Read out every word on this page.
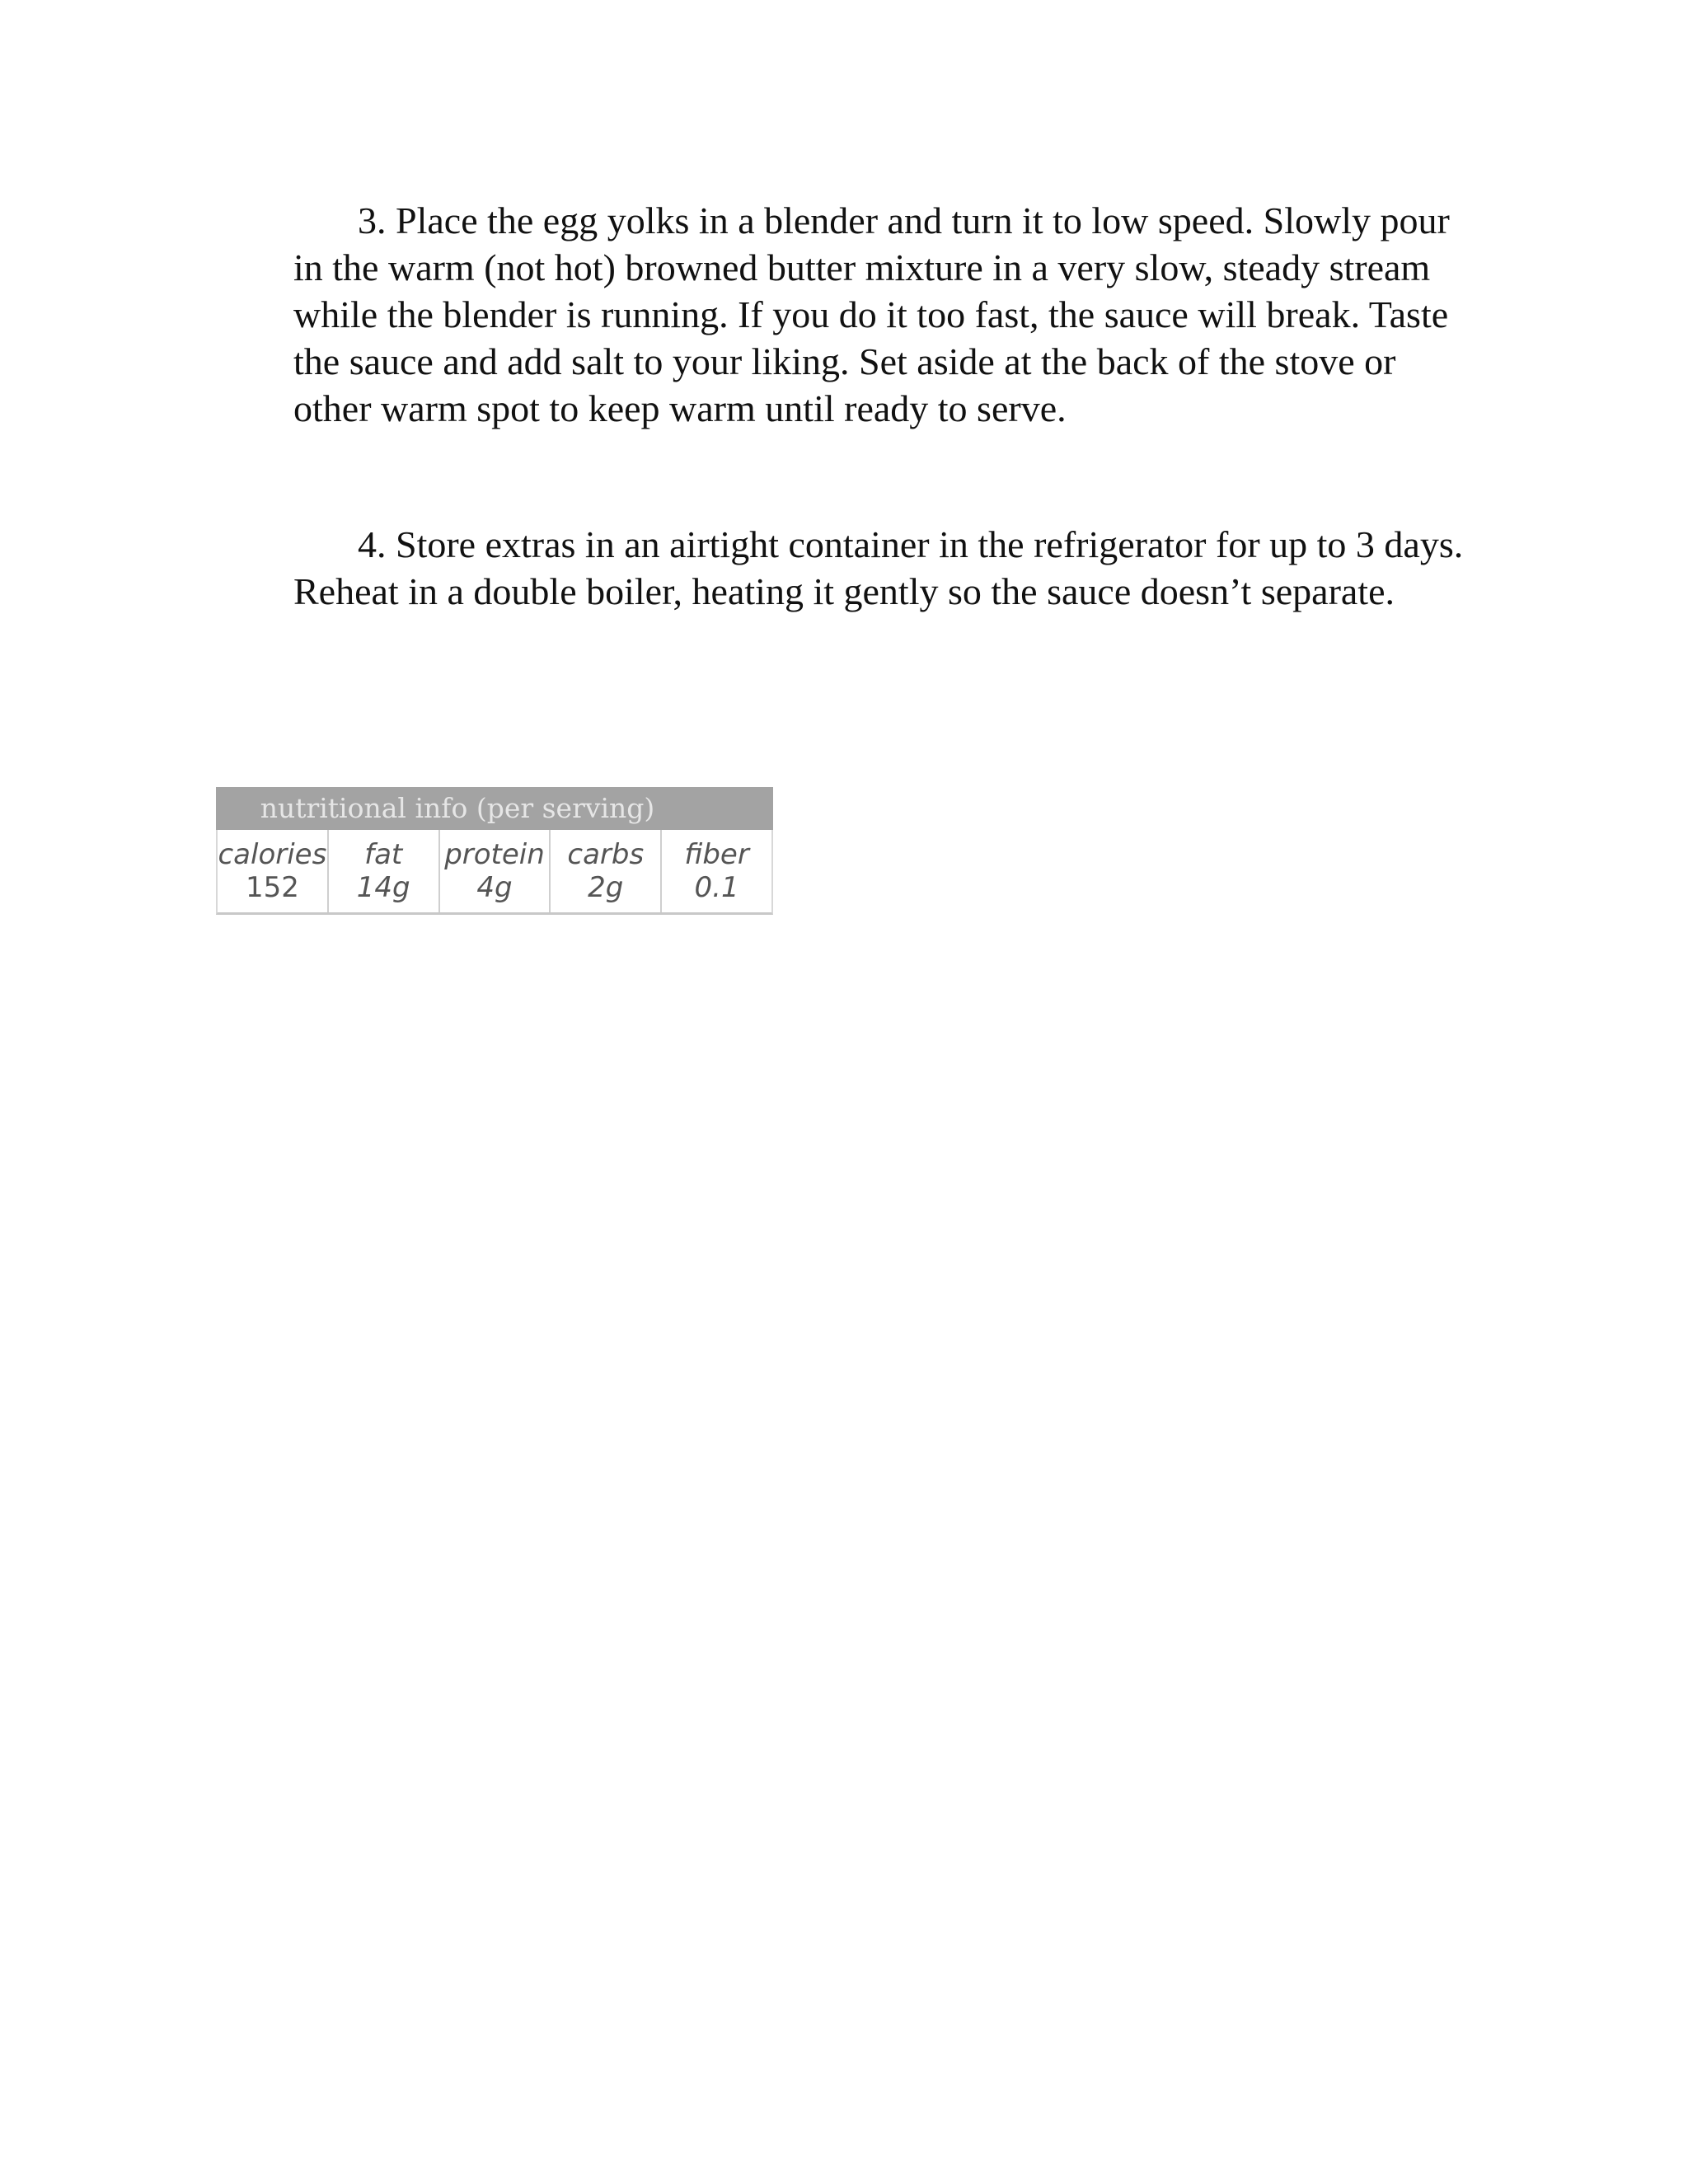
3. Place the egg yolks in a blender and turn it to low speed. Slowly pour in the warm (not hot) browned butter mixture in a very slow, steady stream while the blender is running. If you do it too fast, the sauce will break. Taste the sauce and add salt to your liking. Set aside at the back of the stove or other warm spot to keep warm until ready to serve.

4. Store extras in an airtight container in the refrigerator for up to 3 days. Reheat in a double boiler, heating it gently so the sauce doesn’t separate.

nutritional info (per serving)
calories
152
fat
14g
protein
4g
carbs
2g
fiber
0.1
